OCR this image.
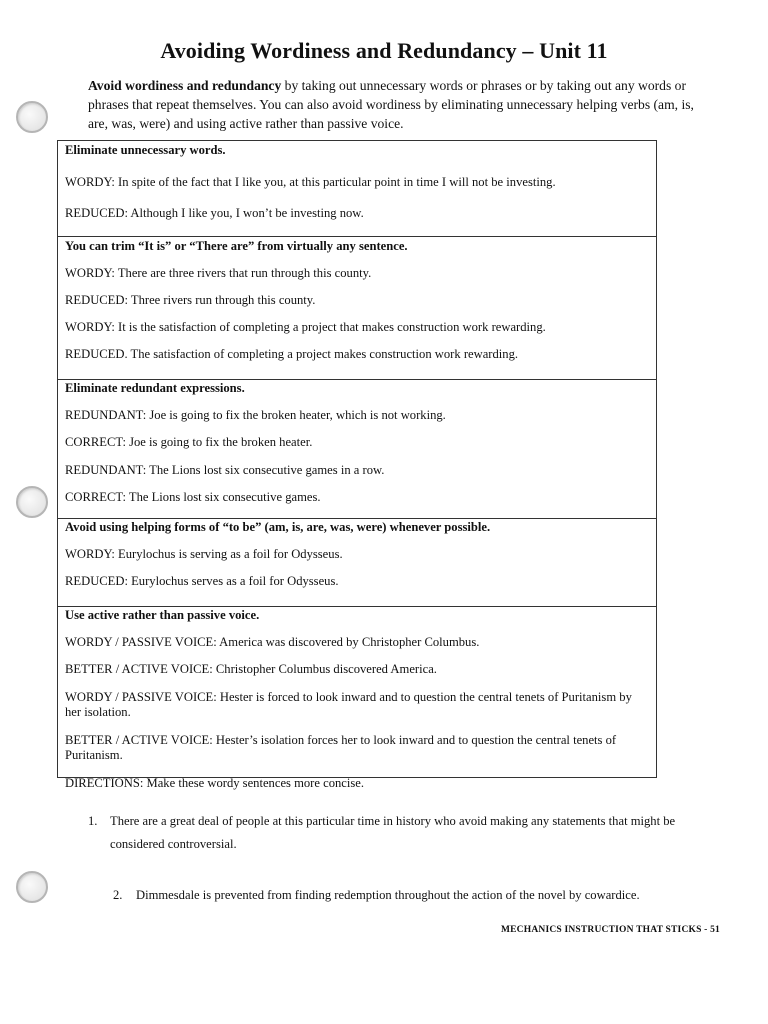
Avoiding Wordiness and Redundancy – Unit 11
Avoid wordiness and redundancy by taking out unnecessary words or phrases or by taking out any words or phrases that repeat themselves. You can also avoid wordiness by eliminating unnecessary helping verbs (am, is, are, was, were) and using active rather than passive voice.
Eliminate unnecessary words.
WORDY: In spite of the fact that I like you, at this particular point in time I will not be investing.
REDUCED: Although I like you, I won’t be investing now.
You can trim “It is” or “There are” from virtually any sentence.
WORDY: There are three rivers that run through this county.
REDUCED: Three rivers run through this county.
WORDY: It is the satisfaction of completing a project that makes construction work rewarding.
REDUCED. The satisfaction of completing a project makes construction work rewarding.
Eliminate redundant expressions.
REDUNDANT: Joe is going to fix the broken heater, which is not working.
CORRECT: Joe is going to fix the broken heater.
REDUNDANT: The Lions lost six consecutive games in a row.
CORRECT: The Lions lost six consecutive games.
Avoid using helping forms of “to be” (am, is, are, was, were) whenever possible.
WORDY: Eurylochus is serving as a foil for Odysseus.
REDUCED: Eurylochus serves as a foil for Odysseus.
Use active rather than passive voice.
WORDY / PASSIVE VOICE: America was discovered by Christopher Columbus.
BETTER / ACTIVE VOICE: Christopher Columbus discovered America.
WORDY / PASSIVE VOICE: Hester is forced to look inward and to question the central tenets of Puritanism by her isolation.
BETTER / ACTIVE VOICE: Hester’s isolation forces her to look inward and to question the central tenets of Puritanism.
DIRECTIONS: Make these wordy sentences more concise.
1. There are a great deal of people at this particular time in history who avoid making any statements that might be considered controversial.
2. Dimmesdale is prevented from finding redemption throughout the action of the novel by cowardice.
MECHANICS INSTRUCTION THAT STICKS - 51
